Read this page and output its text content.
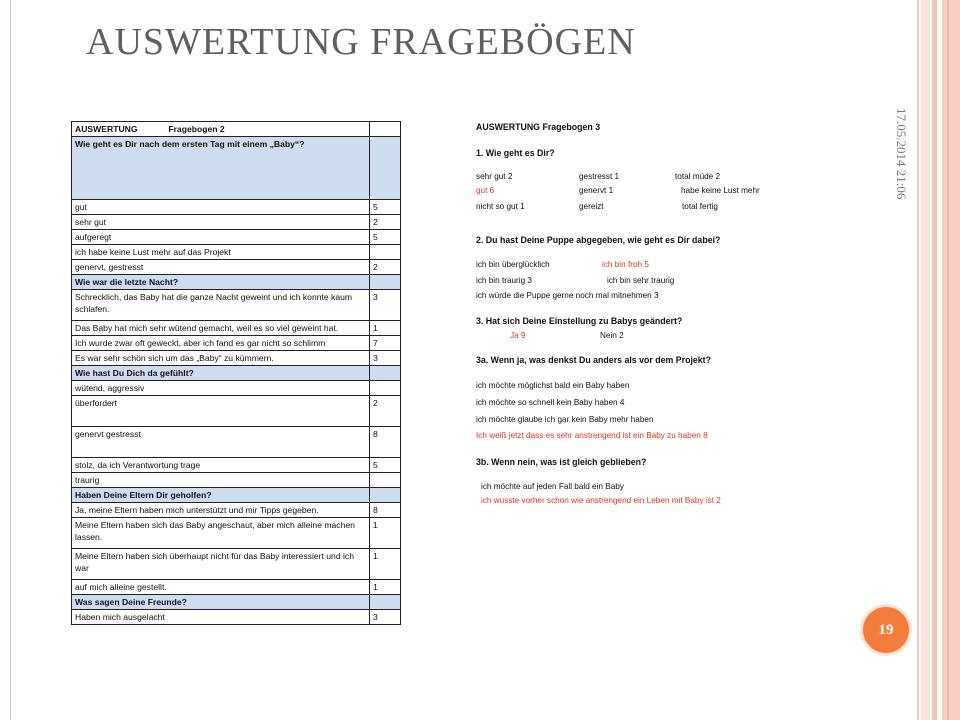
AUSWERTUNG FRAGEBÖGEN
17.05.2014 21:06
19
AUSWERTUNG Fragebogen 2	
Wie geht es Dir nach dem ersten Tag mit einem „Baby“?	
gut	5
sehr gut	2
aufgeregt	5
ich habe keine Lust mehr auf das Projekt	
genervt, gestresst	2
Wie war die letzte Nacht?	
Schrecklich, das Baby hat die ganze Nacht geweint und ich konnte kaum schlafen.	3
Das Baby hat mich sehr wütend gemacht, weil es so viel geweint hat.	1
Ich wurde zwar oft geweckt, aber ich fand es gar nicht so schlimm	7
Es war sehr schön sich um das „Baby“ zu kümmern.	3
Wie hast Du Dich da gefühlt?	
wütend, aggressiv	
überfordert	2
genervt gestresst	8
stolz, da ich Verantwortung trage	5
traurig	
Haben Deine Eltern Dir geholfen?	
Ja, meine Eltern haben mich unterstützt und mir Tipps gegeben.	8
Meine Eltern haben sich das Baby angeschaut, aber mich alleine machen lassen.	1
Meine Eltern haben sich überhaupt nicht für das Baby interessiert und ich war	1
auf mich alleine gestellt.	1
Was sagen Deine Freunde?	
Haben mich ausgelacht	3
AUSWERTUNG Fragebogen 3
1. Wie geht es Dir?
sehr gut 2	gestresst 1	total müde 2
gut 6	genervt 1	habe keine Lust mehr
nicht so gut 1	gereizt	total fertig
2. Du hast Deine Puppe abgegeben, wie geht es Dir dabei?
ich bin überglücklich	ich bin froh 5
ich bin traurig 3	ich bin sehr traurig
ich würde die Puppe gerne noch mal mitnehmen 3
3. Hat sich Deine Einstellung zu Babys geändert?
Ja 9	Nein 2
3a. Wenn ja, was denkst Du anders als vor dem Projekt?
ich möchte möglichst bald ein Baby haben
ich möchte so schnell kein Baby haben 4
ich möchte glaube ich gar kein Baby mehr haben
Ich weiß jetzt dass es sehr anstrengend ist ein Baby zu haben 8
3b. Wenn nein, was ist gleich geblieben?
ich möchte auf jeden Fall bald ein Baby
ich wusste vorher schon wie anstrengend ein Leben mit Baby ist 2
